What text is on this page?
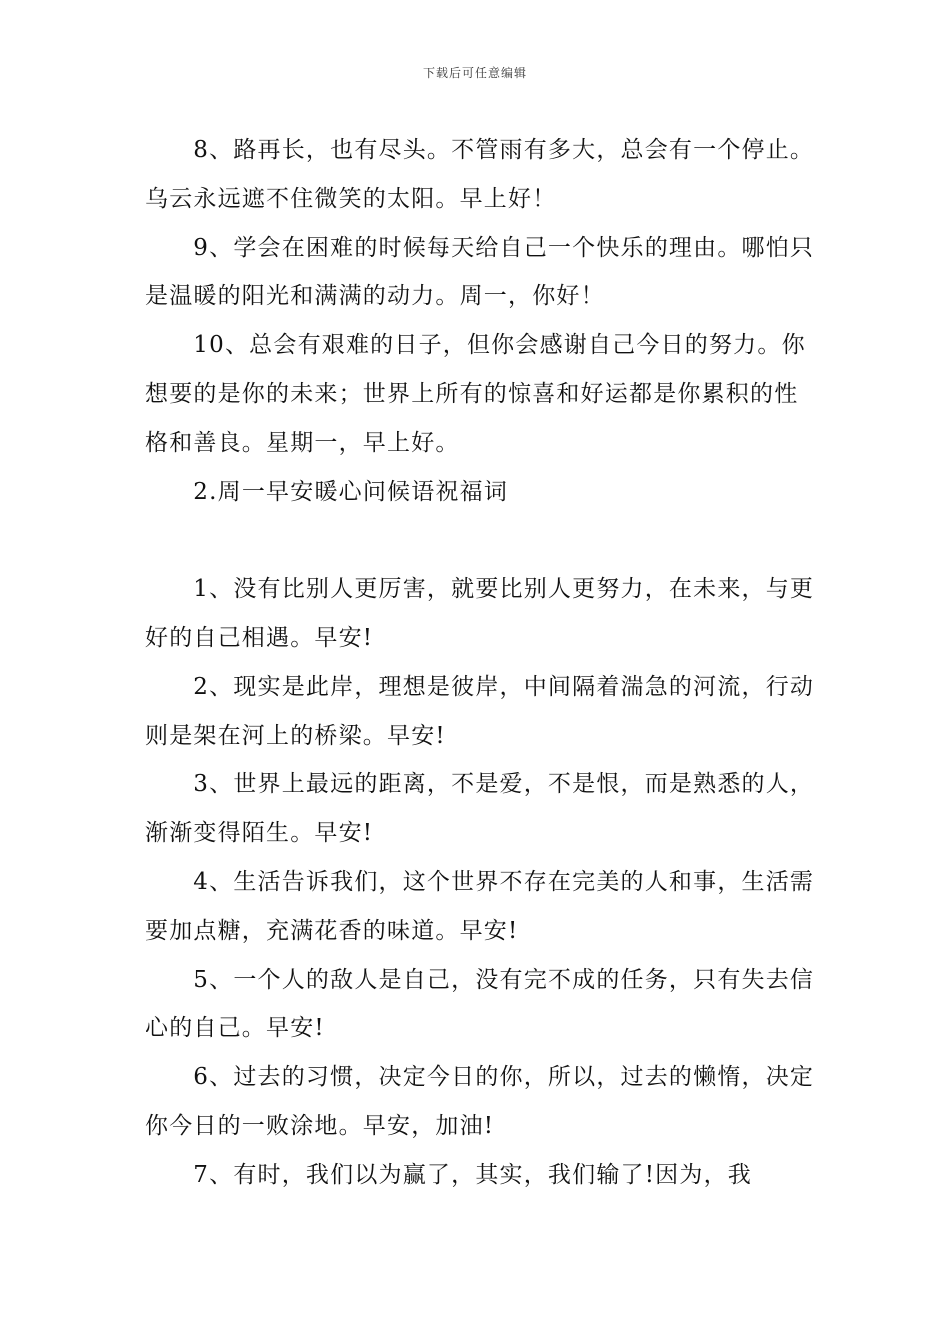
下载后可任意编辑

8、路再长，也有尽头。不管雨有多大，总会有一个停止。乌云永远遮不住微笑的太阳。早上好！

9、学会在困难的时候每天给自己一个快乐的理由。哪怕只是温暖的阳光和满满的动力。周一，你好！

10、总会有艰难的日子，但你会感谢自己今日的努力。你想要的是你的未来；世界上所有的惊喜和好运都是你累积的性格和善良。星期一，早上好。

2.周一早安暖心问候语祝福词

1、没有比别人更厉害，就要比别人更努力，在未来，与更好的自己相遇。早安!

2、现实是此岸，理想是彼岸，中间隔着湍急的河流，行动则是架在河上的桥梁。早安!

3、世界上最远的距离，不是爱，不是恨，而是熟悉的人，渐渐变得陌生。早安!

4、生活告诉我们，这个世界不存在完美的人和事，生活需要加点糖，充满花香的味道。早安!

5、一个人的敌人是自己，没有完不成的任务，只有失去信心的自己。早安!

6、过去的习惯，决定今日的你，所以，过去的懒惰，决定你今日的一败涂地。早安，加油!

7、有时，我们以为赢了，其实，我们输了!因为，我
